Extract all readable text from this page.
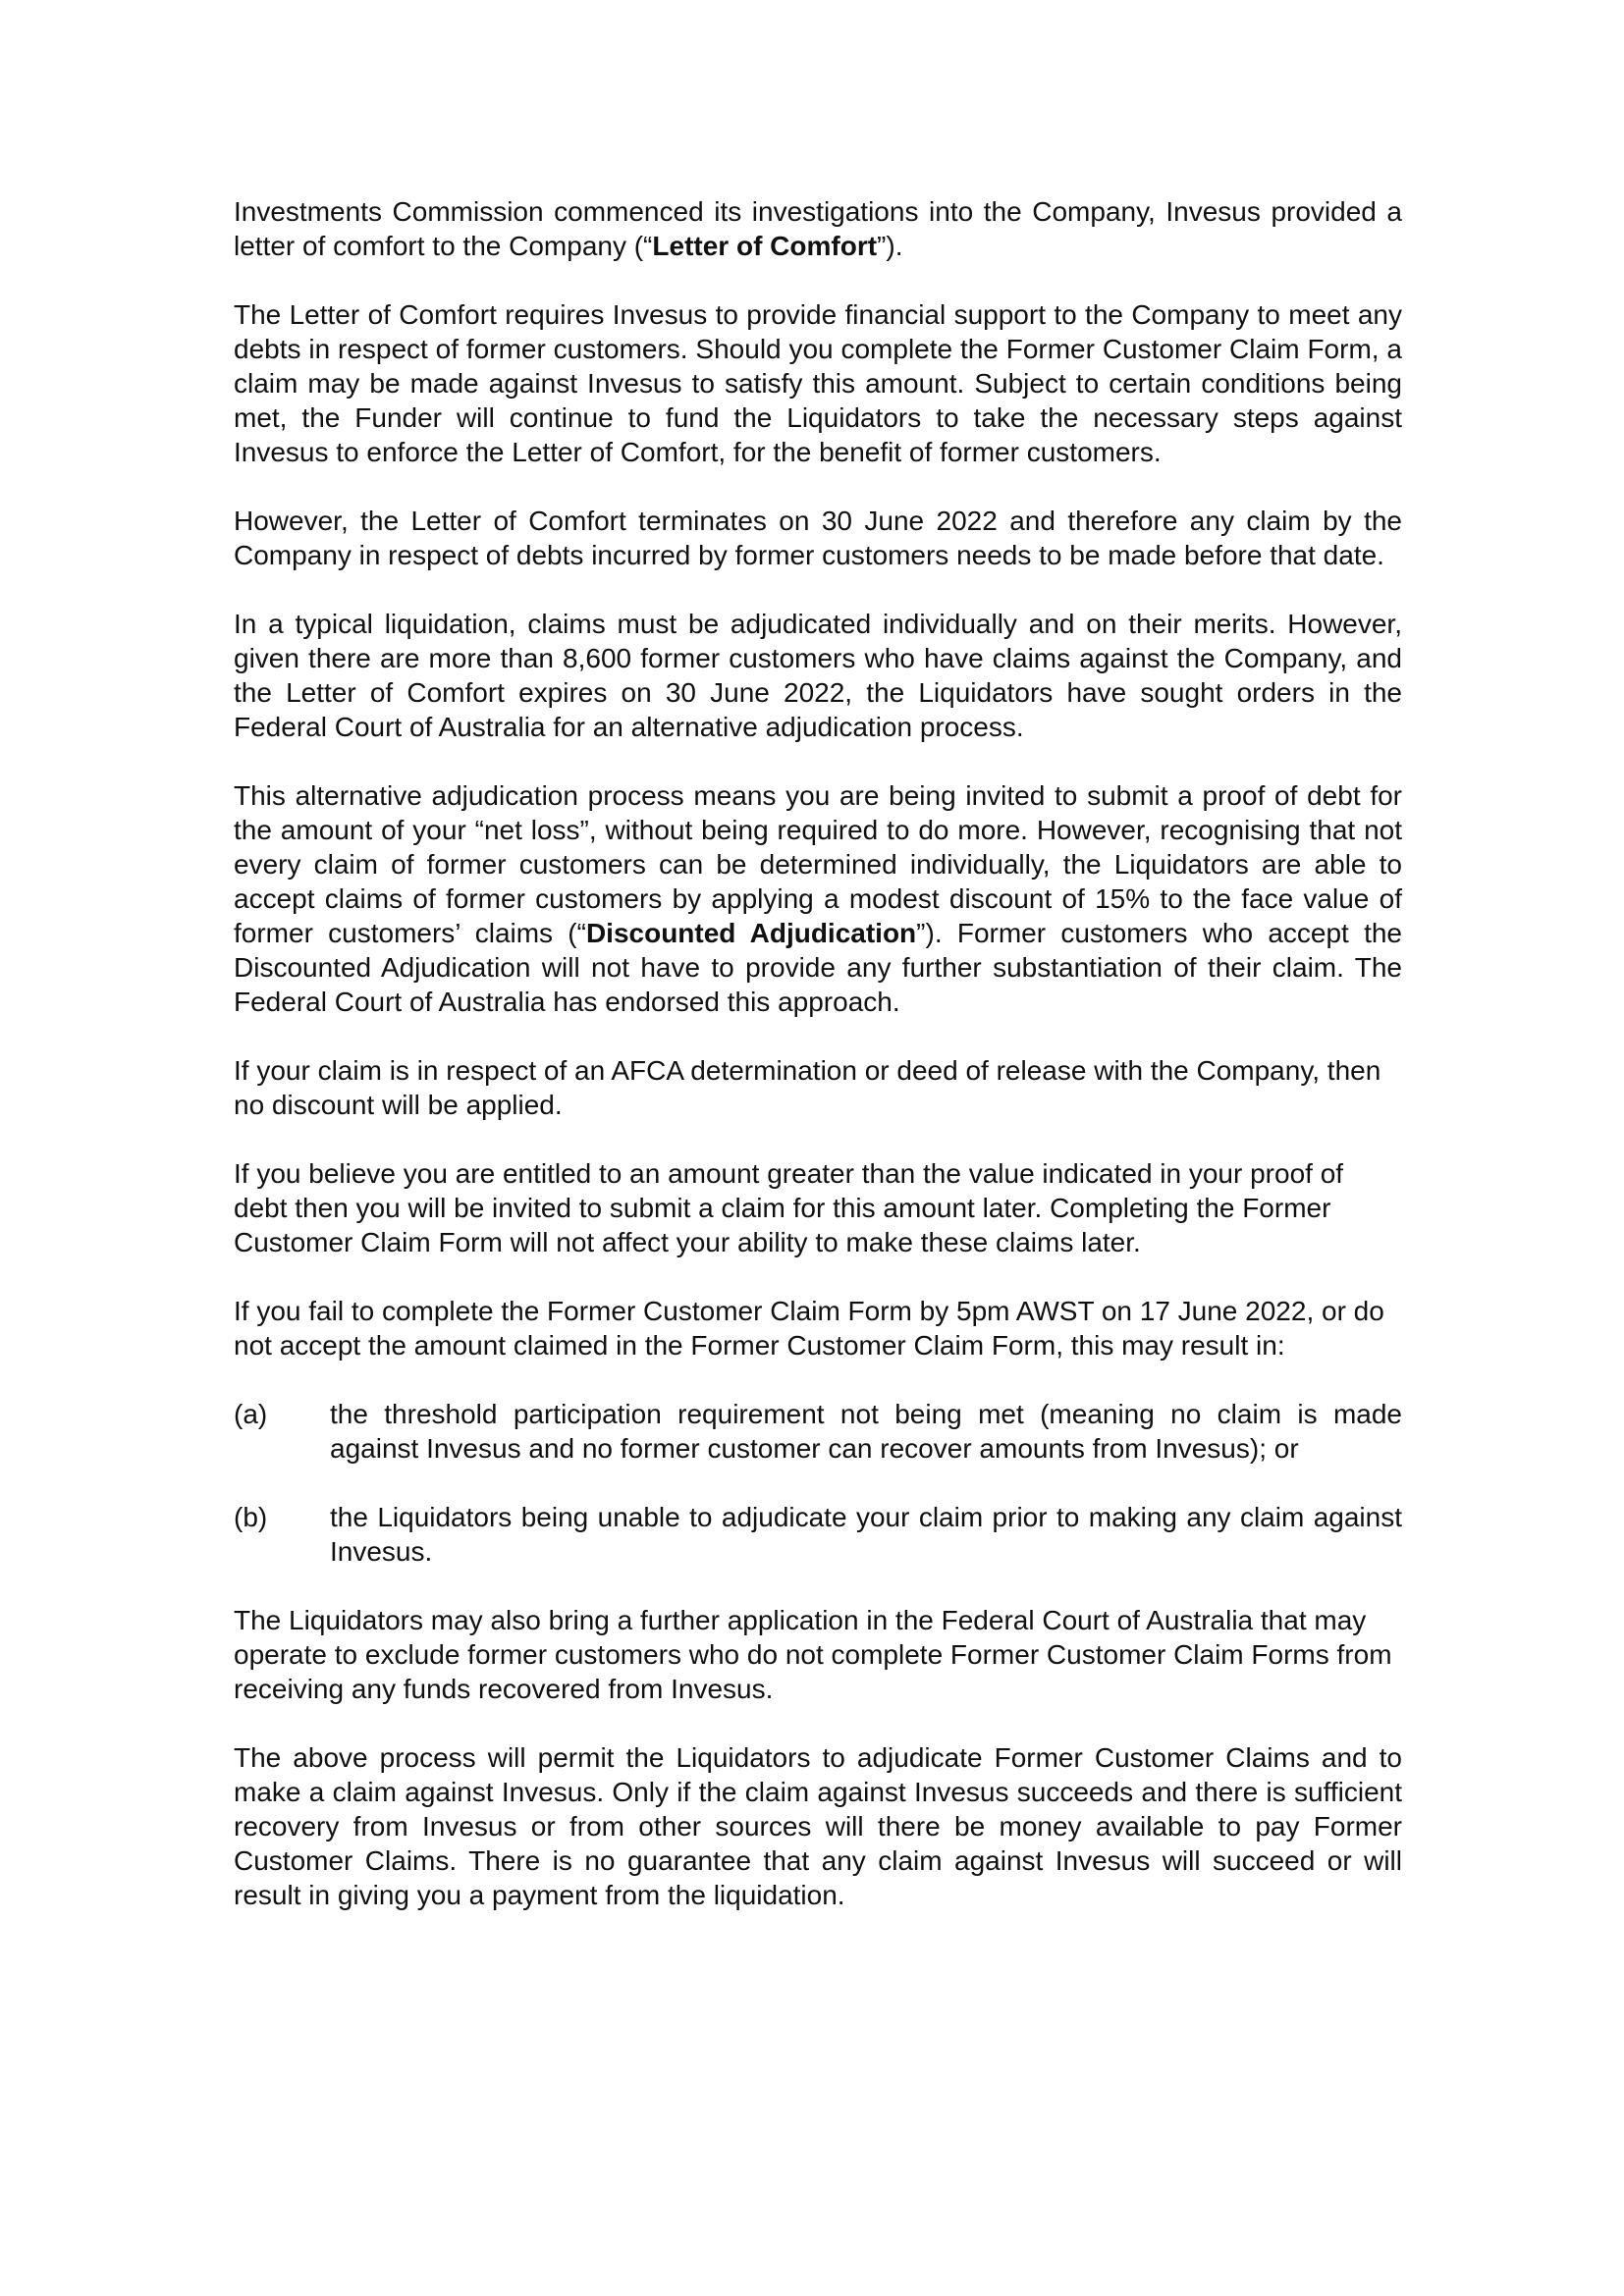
Investments Commission commenced its investigations into the Company, Invesus provided a letter of comfort to the Company (“Letter of Comfort”).

The Letter of Comfort requires Invesus to provide financial support to the Company to meet any debts in respect of former customers. Should you complete the Former Customer Claim Form, a claim may be made against Invesus to satisfy this amount. Subject to certain conditions being met, the Funder will continue to fund the Liquidators to take the necessary steps against Invesus to enforce the Letter of Comfort, for the benefit of former customers.

However, the Letter of Comfort terminates on 30 June 2022 and therefore any claim by the Company in respect of debts incurred by former customers needs to be made before that date.

In a typical liquidation, claims must be adjudicated individually and on their merits. However, given there are more than 8,600 former customers who have claims against the Company, and the Letter of Comfort expires on 30 June 2022, the Liquidators have sought orders in the Federal Court of Australia for an alternative adjudication process.

This alternative adjudication process means you are being invited to submit a proof of debt for the amount of your “net loss”, without being required to do more. However, recognising that not every claim of former customers can be determined individually, the Liquidators are able to accept claims of former customers by applying a modest discount of 15% to the face value of former customers’ claims (“Discounted Adjudication”). Former customers who accept the Discounted Adjudication will not have to provide any further substantiation of their claim. The Federal Court of Australia has endorsed this approach.

If your claim is in respect of an AFCA determination or deed of release with the Company, then no discount will be applied.

If you believe you are entitled to an amount greater than the value indicated in your proof of debt then you will be invited to submit a claim for this amount later. Completing the Former Customer Claim Form will not affect your ability to make these claims later.

If you fail to complete the Former Customer Claim Form by 5pm AWST on 17 June 2022, or do not accept the amount claimed in the Former Customer Claim Form, this may result in:

(a)	the threshold participation requirement not being met (meaning no claim is made against Invesus and no former customer can recover amounts from Invesus); or
(b)	the Liquidators being unable to adjudicate your claim prior to making any claim against Invesus.

The Liquidators may also bring a further application in the Federal Court of Australia that may operate to exclude former customers who do not complete Former Customer Claim Forms from receiving any funds recovered from Invesus.

The above process will permit the Liquidators to adjudicate Former Customer Claims and to make a claim against Invesus. Only if the claim against Invesus succeeds and there is sufficient recovery from Invesus or from other sources will there be money available to pay Former Customer Claims. There is no guarantee that any claim against Invesus will succeed or will result in giving you a payment from the liquidation.
